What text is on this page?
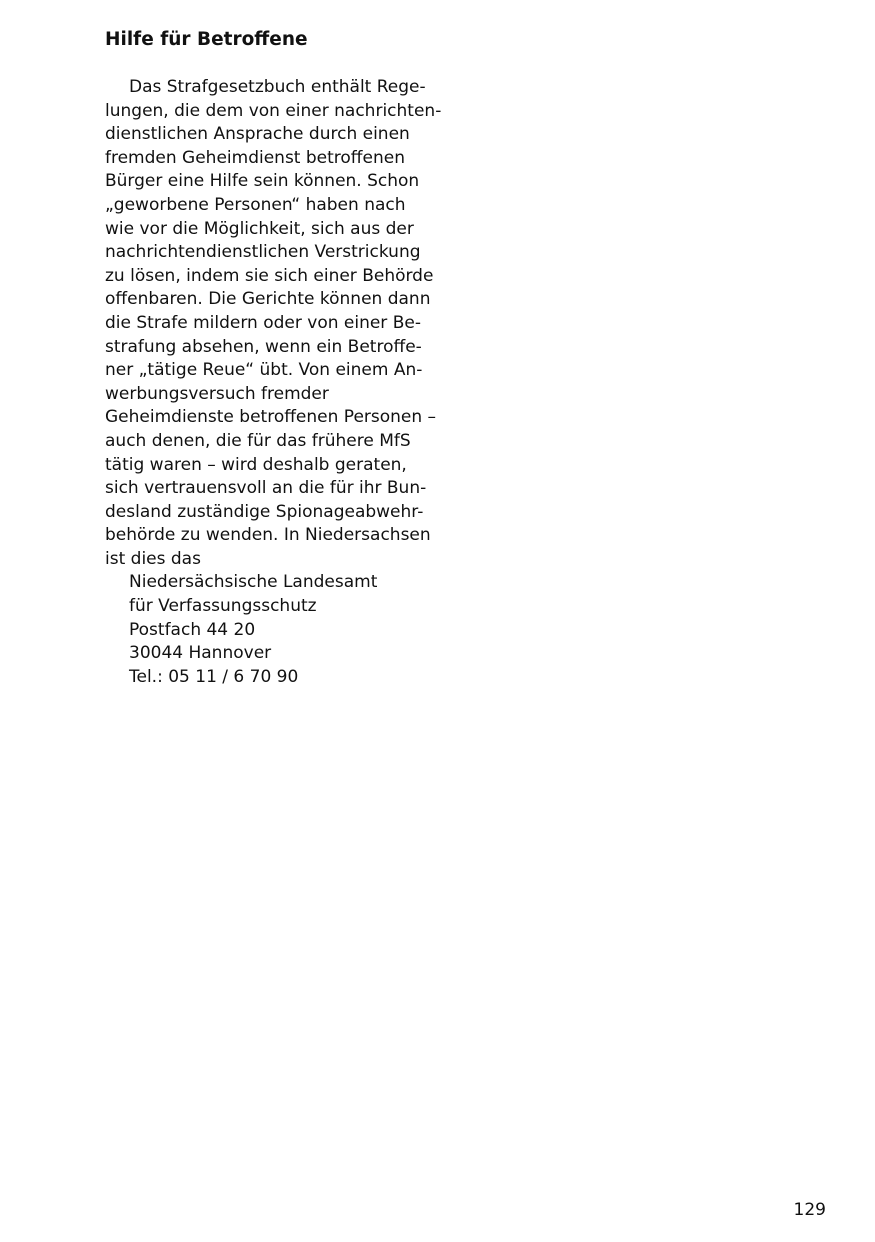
Hilfe für Betroffene
Das Strafgesetzbuch enthält Rege-
lungen, die dem von einer nachrichten-
dienstlichen Ansprache durch einen
fremden Geheimdienst betroffenen
Bürger eine Hilfe sein können. Schon
„geworbene Personen“ haben nach
wie vor die Möglichkeit, sich aus der
nachrichtendienstlichen Verstrickung
zu lösen, indem sie sich einer Behörde
offenbaren. Die Gerichte können dann
die Strafe mildern oder von einer Be-
strafung absehen, wenn ein Betroffe-
ner „tätige Reue“ übt. Von einem An-
werbungsversuch fremder
Geheimdienste betroffenen Personen –
auch denen, die für das frühere MfS
tätig waren – wird deshalb geraten,
sich vertrauensvoll an die für ihr Bun-
desland zuständige Spionageabwehr-
behörde zu wenden. In Niedersachsen
ist dies das
Niedersächsische Landesamt
für Verfassungsschutz
Postfach 44 20
30044 Hannover
Tel.: 05 11 / 6 70 90
129
